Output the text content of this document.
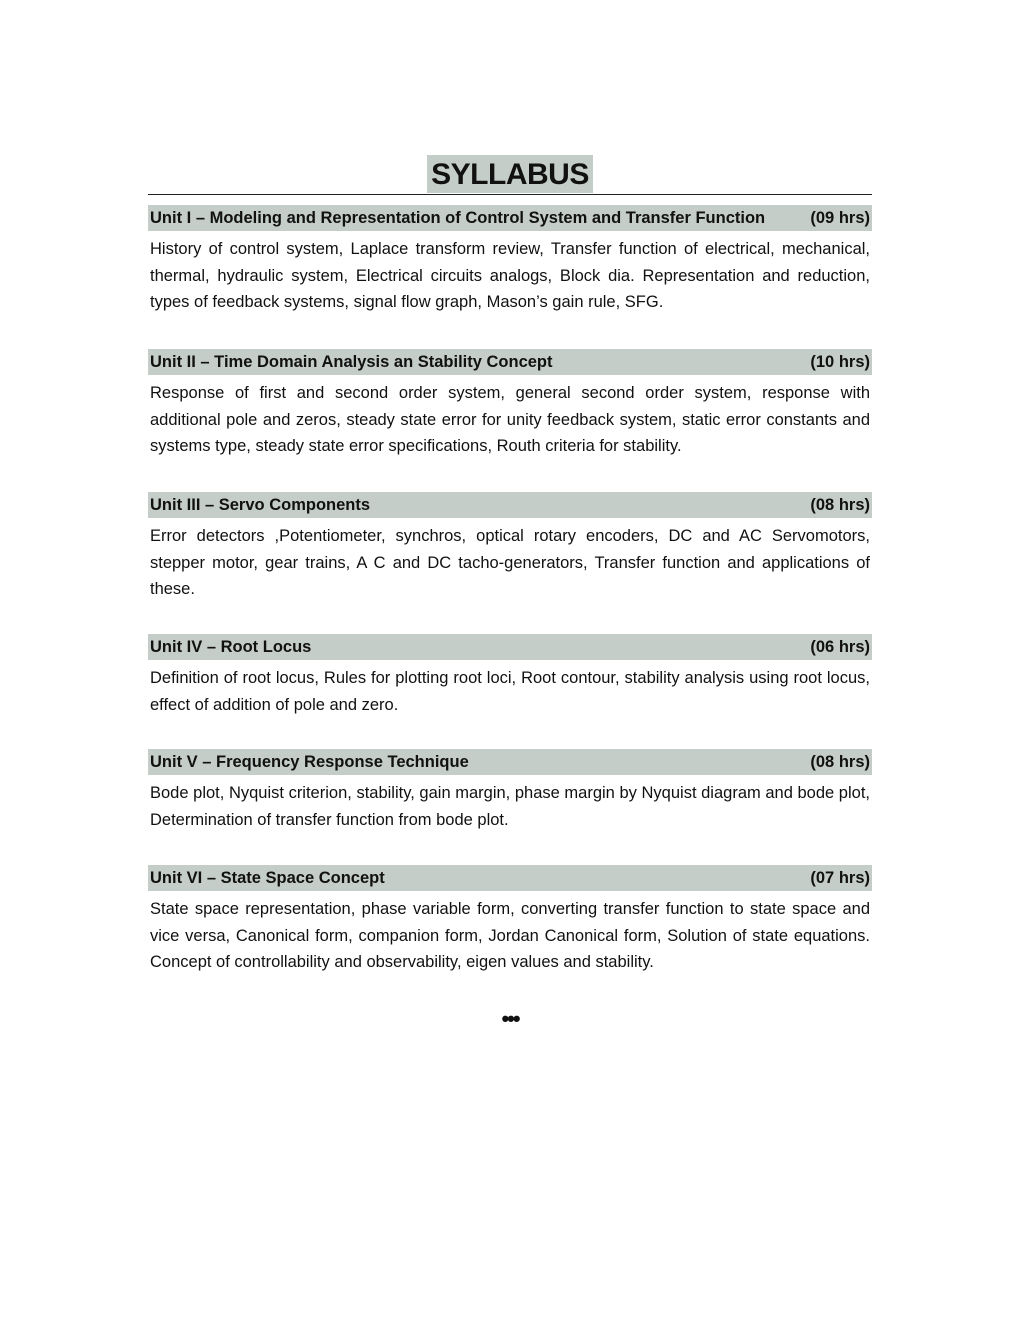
SYLLABUS
Unit I – Modeling and Representation of Control System and Transfer Function	(09 hrs)
History of control system, Laplace transform review, Transfer function of electrical, mechanical, thermal, hydraulic system, Electrical circuits analogs, Block dia. Representation and reduction, types of feedback systems, signal flow graph, Mason’s gain rule, SFG.
Unit II – Time Domain Analysis an Stability Concept	(10 hrs)
Response of first and second order system, general second order system, response with additional pole and zeros, steady state error for unity feedback system, static error constants and systems type, steady state error specifications, Routh criteria for stability.
Unit III – Servo Components	(08 hrs)
Error detectors ,Potentiometer, synchros, optical rotary encoders, DC and AC Servomotors, stepper motor, gear trains, A C and DC tacho-generators, Transfer function and applications of these.
Unit IV – Root Locus	(06 hrs)
Definition of root locus, Rules for plotting root loci, Root contour, stability analysis using root locus, effect of addition of pole and zero.
Unit V – Frequency Response Technique	(08 hrs)
Bode plot, Nyquist criterion, stability, gain margin, phase margin by Nyquist diagram and bode plot, Determination of transfer function from bode plot.
Unit VI – State Space Concept	(07 hrs)
State space representation, phase variable form, converting transfer function to state space and vice versa, Canonical form, companion form, Jordan Canonical form, Solution of state equations. Concept of controllability and observability, eigen values and stability.
•••
